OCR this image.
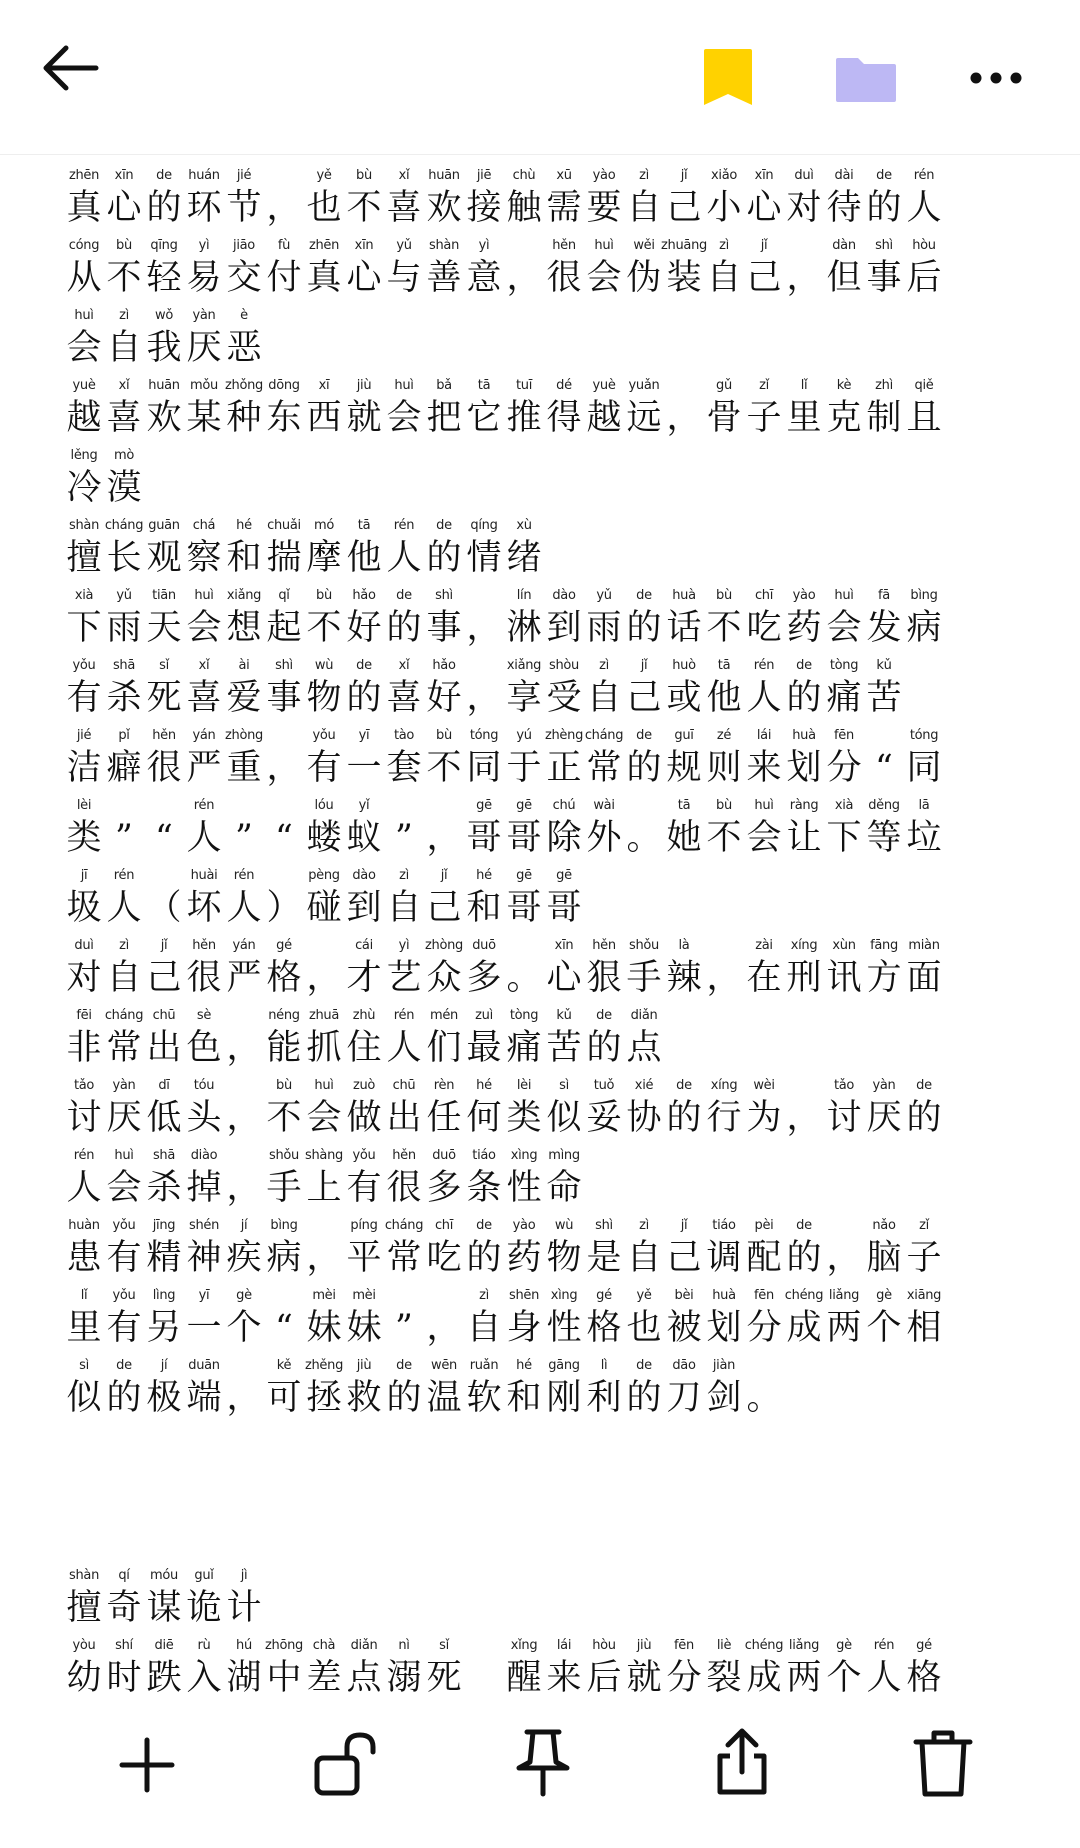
zhēn
真
xīn
心
de
的
huán
环
jié
节 ，
yě
也
bù
不
xǐ
喜
huān
欢
jiē
接
chù
触
xū
需
yào
要
zì
自
jǐ
己
xiǎo
小
xīn
心
duì
对
dài
待
de
的
rén
人
cóng
从
bù
不
qīng
轻
yì
易
jiāo
交
fù
付
zhēn
真
xīn
心
yǔ
与
shàn
善
yì
意 ，
hěn
很
huì
会
wěi
伪
zhuāng
装
zì
自
jǐ
己 ，
dàn
但
shì
事
hòu
后
huì
会
zì
自
wǒ
我
yàn
厌
è
恶
yuè
越
xǐ
喜
huān
欢
mǒu
某
zhǒng
种
dōng
东
xī
西
jiù
就
huì
会
bǎ
把
tā
它
tuī
推
dé
得
yuè
越
yuǎn
远 ，
gǔ
骨
zǐ
子
lǐ
里
kè
克
zhì
制
qiě
且
lěng
冷
mò
漠
shàn
擅
cháng
长
guān
观
chá
察
hé
和
chuǎi
揣
mó
摩
tā
他
rén
人
de
的
qíng
情
xù
绪
xià
下
yǔ
雨
tiān
天
huì
会
xiǎng
想
qǐ
起
bù
不
hǎo
好
de
的
shì
事 ，
lín
淋
dào
到
yǔ
雨
de
的
huà
话
bù
不
chī
吃
yào
药
huì
会
fā
发
bìng
病
yǒu
有
shā
杀
sǐ
死
xǐ
喜
ài
爱
shì
事
wù
物
de
的
xǐ
喜
hǎo
好 ，
xiǎng
享
shòu
受
zì
自
jǐ
己
huò
或
tā
他
rén
人
de
的
tòng
痛
kǔ
苦
jié
洁
pǐ
癖
hěn
很
yán
严
zhòng
重 ，
yǒu
有
yī
一
tào
套
bù
不
tóng
同
yú
于
zhèng
正
cháng
常
de
的
guī
规
zé
则
lái
来
huà
划
fēn
分 “
tóng
同
lèi
类 ” “
rén
人 ” “
lóu
蝼
yǐ
蚁 ” ，
gē
哥
gē
哥
chú
除
wài
外 。
tā
她
bù
不
huì
会
ràng
让
xià
下
děng
等
lā
垃
jī
圾
rén
人 （
huài
坏
rén
人 ）
pèng
碰
dào
到
zì
自
jǐ
己
hé
和
gē
哥
gē
哥
duì
对
zì
自
jǐ
己
hěn
很
yán
严
gé
格 ，
cái
才
yì
艺
zhòng
众
duō
多 。
xīn
心
hěn
狠
shǒu
手
là
辣 ，
zài
在
xíng
刑
xùn
讯
fāng
方
miàn
面
fēi
非
cháng
常
chū
出
sè
色 ，
néng
能
zhuā
抓
zhù
住
rén
人
mén
们
zuì
最
tòng
痛
kǔ
苦
de
的
diǎn
点
tǎo
讨
yàn
厌
dī
低
tóu
头 ，
bù
不
huì
会
zuò
做
chū
出
rèn
任
hé
何
lèi
类
sì
似
tuǒ
妥
xié
协
de
的
xíng
行
wèi
为 ，
tǎo
讨
yàn
厌
de
的
rén
人
huì
会
shā
杀
diào
掉 ，
shǒu
手
shàng
上
yǒu
有
hěn
很
duō
多
tiáo
条
xìng
性
mìng
命
huàn
患
yǒu
有
jīng
精
shén
神
jí
疾
bìng
病 ，
píng
平
cháng
常
chī
吃
de
的
yào
药
wù
物
shì
是
zì
自
jǐ
己
tiáo
调
pèi
配
de
的 ，
nǎo
脑
zǐ
子
lǐ
里
yǒu
有
lìng
另
yī
一
gè
个 “
mèi
妹
mèi
妹 ” ，
zì
自
shēn
身
xìng
性
gé
格
yě
也
bèi
被
huà
划
fēn
分
chéng
成
liǎng
两
gè
个
xiāng
相
sì
似
de
的
jí
极
duān
端 ，
kě
可
zhěng
拯
jiù
救
de
的
wēn
温
ruǎn
软
hé
和
gāng
刚
lì
利
de
的
dāo
刀
jiàn
剑 。
shàn
擅
qí
奇
móu
谋
guǐ
诡
jì
计
yòu
幼
shí
时
diē
跌
rù
入
hú
湖
zhōng
中
chà
差
diǎn
点
nì
溺
sǐ
死
xǐng
醒
lái
来
hòu
后
jiù
就
fēn
分
liè
裂
chéng
成
liǎng
两
gè
个
rén
人
gé
格
